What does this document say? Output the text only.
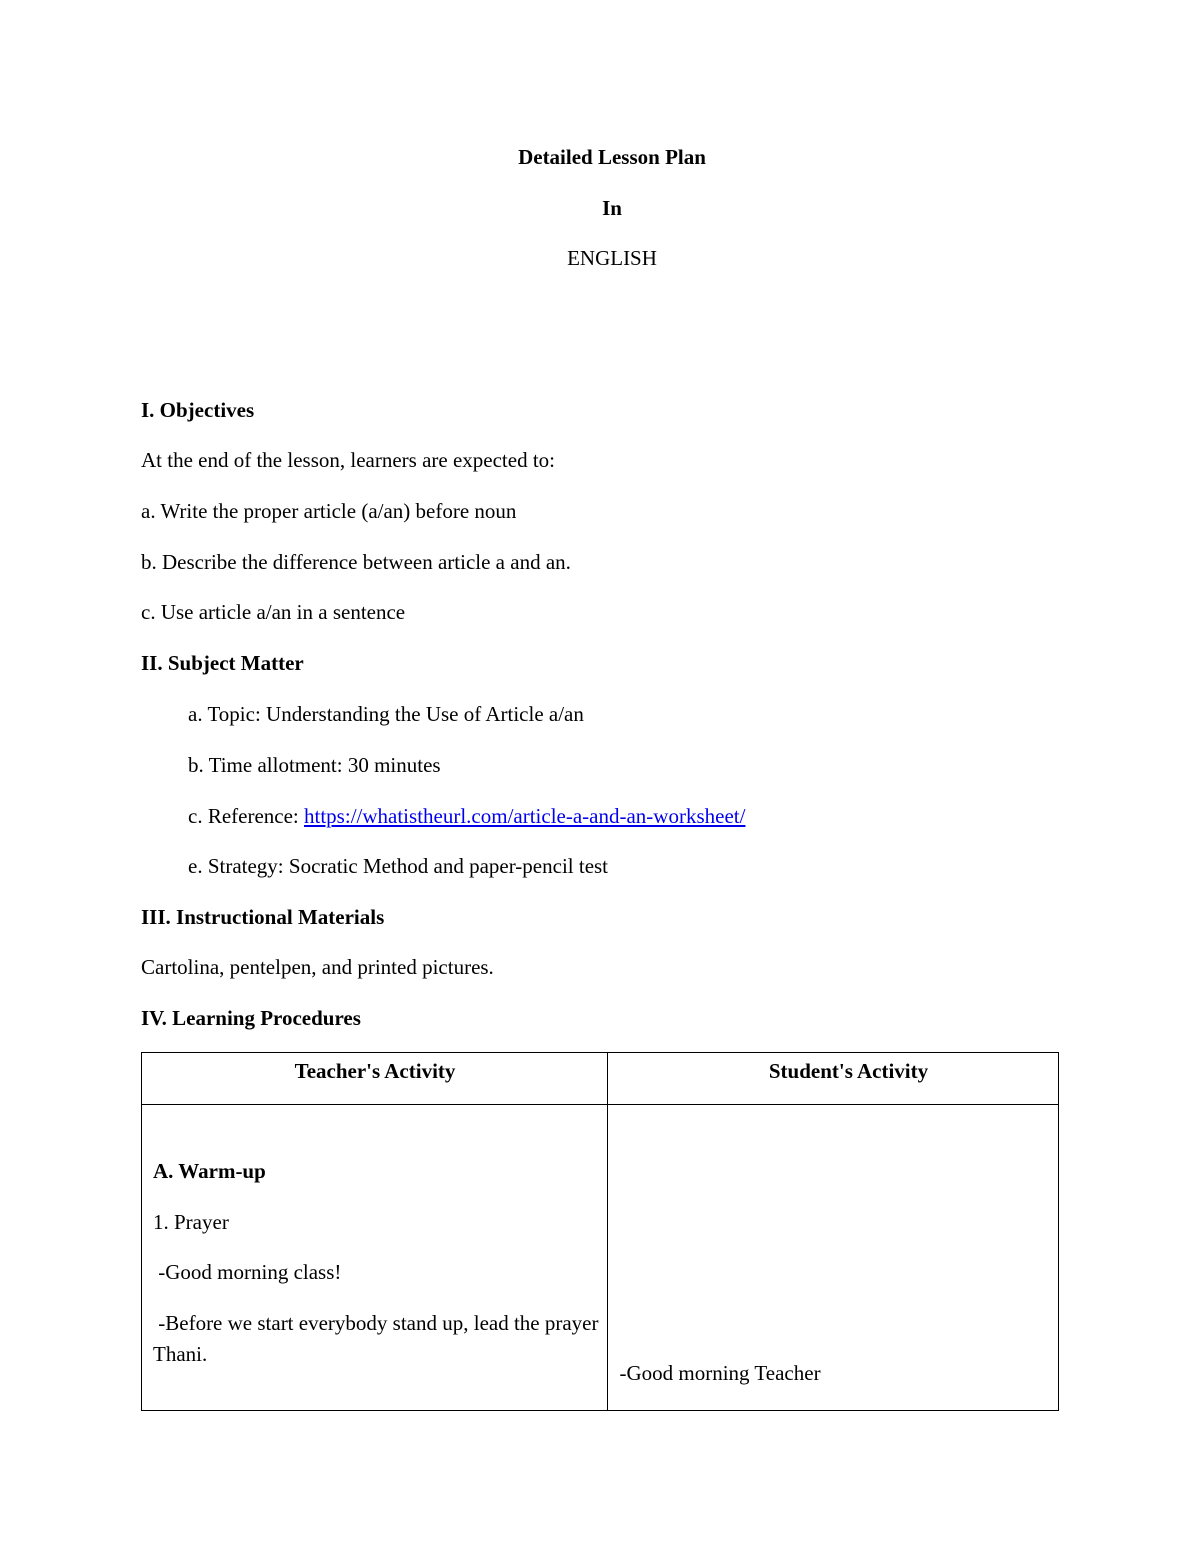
Detailed Lesson Plan
In
ENGLISH
I. Objectives
At the end of the lesson, learners are expected to:
a. Write the proper article (a/an) before noun
b. Describe the difference between article a and an.
c. Use article a/an in a sentence
II. Subject Matter
a. Topic: Understanding the Use of Article a/an
b. Time allotment: 30 minutes
c. Reference: https://whatistheurl.com/article-a-and-an-worksheet/
e. Strategy: Socratic Method and paper-pencil test
III. Instructional Materials
Cartolina, pentelpen, and printed pictures.
IV. Learning Procedures
Teacher's Activity	Student's Activity

A. Warm-up
1. Prayer
-Good morning class!
-Before we start everybody stand up, lead the prayer Thani.	-Good morning Teacher
